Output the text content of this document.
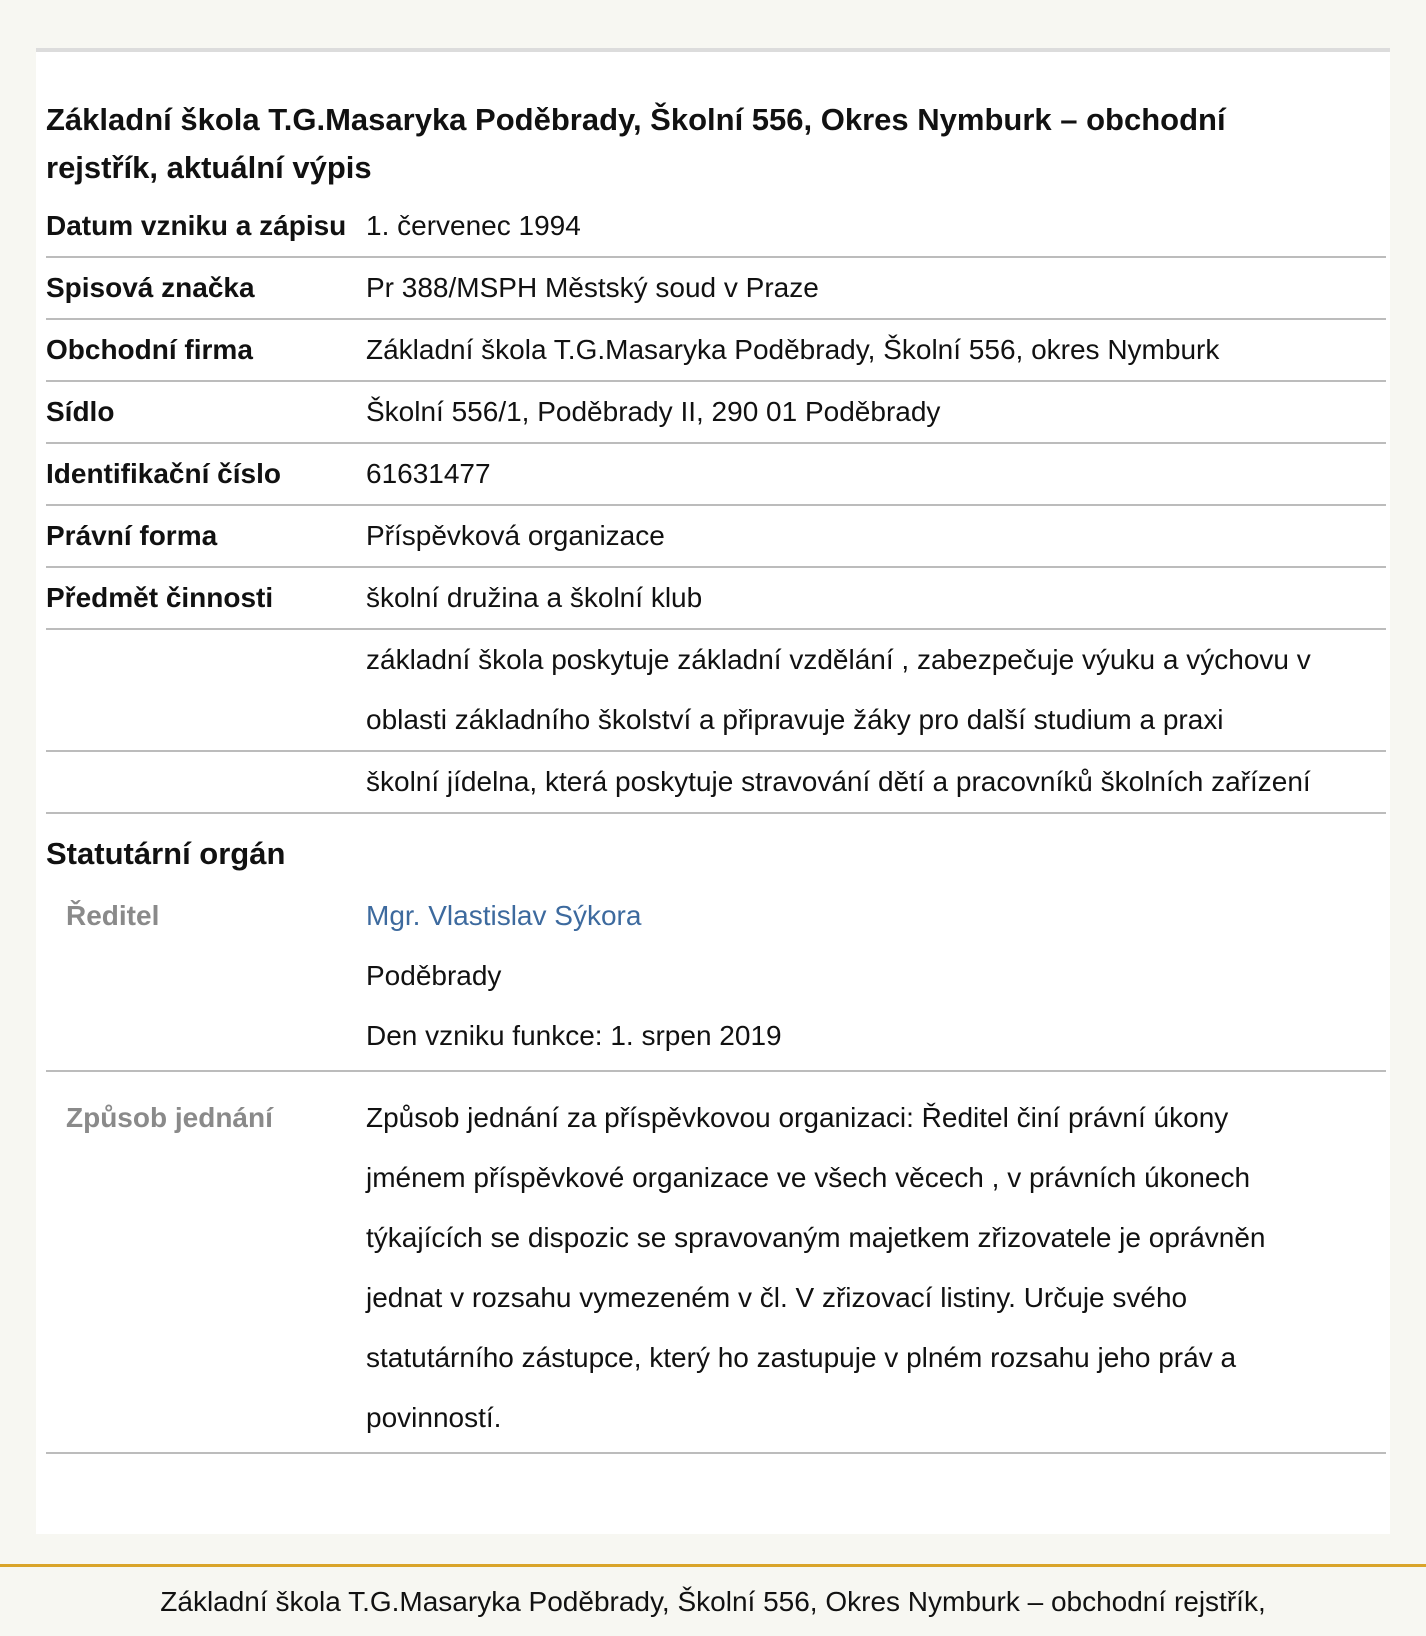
Základní škola T.G.Masaryka Poděbrady, Školní 556, Okres Nymburk – obchodní rejstřík, aktuální výpis
Datum vzniku a zápisu 1. červenec 1994
Spisová značka	Pr 388/MSPH Městský soud v Praze
Obchodní firma	Základní škola T.G.Masaryka Poděbrady, Školní 556, okres Nymburk
Sídlo	Školní 556/1, Poděbrady II, 290 01 Poděbrady
Identifikační číslo	61631477
Právní forma	Příspěvková organizace
Předmět činnosti	školní družina a školní klub
základní škola poskytuje základní vzdělání , zabezpečuje výuku a výchovu v
oblasti základního školství a připravuje žáky pro další studium a praxi
školní jídelna, která poskytuje stravování dětí a pracovníků školních zařízení
Statutární orgán
Ředitel	Mgr. Vlastislav Sýkora
Poděbrady
Den vzniku funkce: 1. srpen 2019
Způsob jednání	Způsob jednání za příspěvkovou organizaci: Ředitel činí právní úkony
jménem příspěvkové organizace ve všech věcech , v právních úkonech
týkajících se dispozic se spravovaným majetkem zřizovatele je oprávněn
jednat v rozsahu vymezeném v čl. V zřizovací listiny. Určuje svého
statutárního zástupce, který ho zastupuje v plném rozsahu jeho práv a
povinností.
Základní škola T.G.Masaryka Poděbrady, Školní 556, Okres Nymburk – obchodní rejstřík,
